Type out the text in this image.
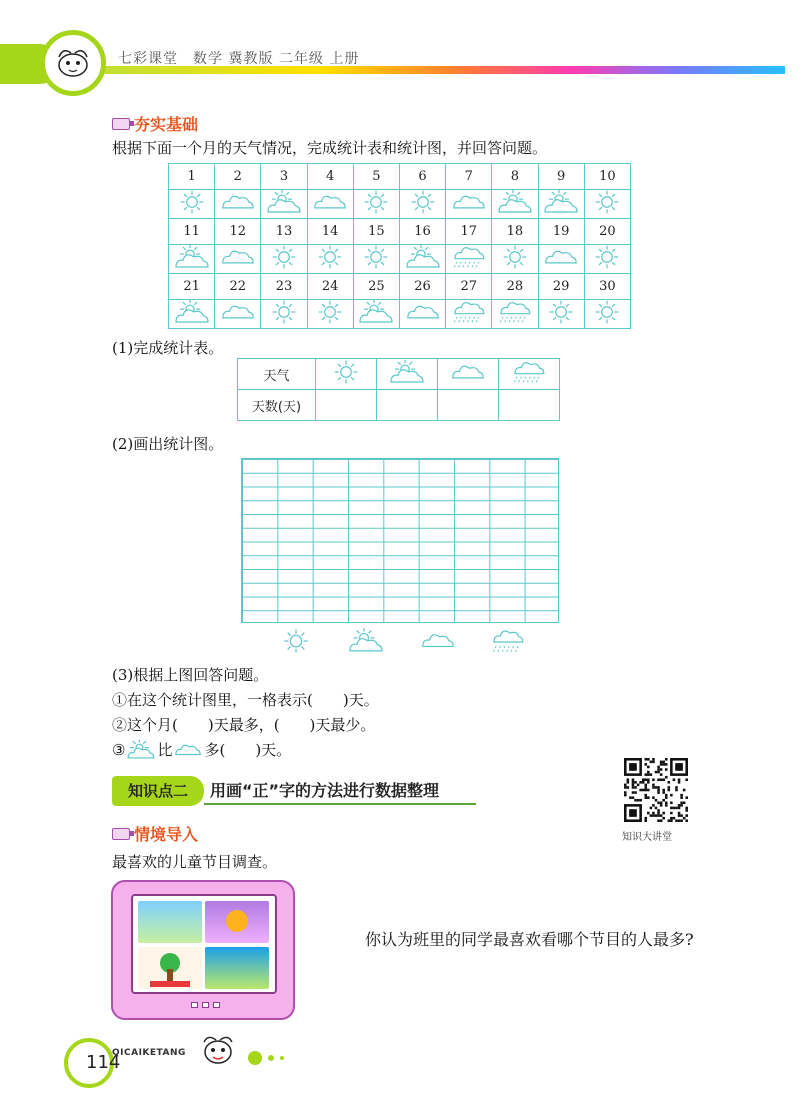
七彩课堂　数学 冀教版 二年级 上册
夯实基础
根据下面一个月的天气情况，完成统计表和统计图，并回答问题。
1	2	3	4	5	6	7	8	9	10

11	12	13	14	15	16	17	18	19	20

21	22	23	24	25	26	27	28	29	30

(1)完成统计表。
天气				
天数(天)				
(2)画出统计图。
(3)根据上图回答问题。
①在这个统计图里，一格表示(　　)天。
②这个月(　　)天最多，(　　)天最少。
③ 比 多(　　)天。
知识点二	用画“正”字的方法进行数据整理
知识大讲堂
情境导入
最喜欢的儿童节目调查。
你认为班里的同学最喜欢看哪个节目的人最多?
114
QICAIKETANG
